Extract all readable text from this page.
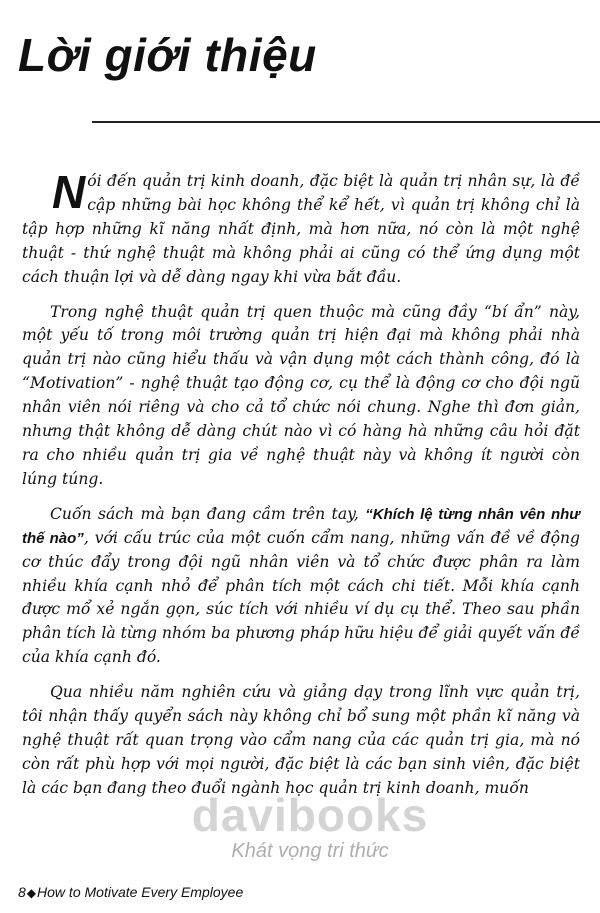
Lời giới thiệu

Nói đến quản trị kinh doanh, đặc biệt là quản trị nhân sự, là đề cập những bài học không thể kể hết, vì quản trị không chỉ là tập hợp những kĩ năng nhất định, mà hơn nữa, nó còn là một nghệ thuật - thứ nghệ thuật mà không phải ai cũng có thể ứng dụng một cách thuận lợi và dễ dàng ngay khi vừa bắt đầu.

Trong nghệ thuật quản trị quen thuộc mà cũng đầy “bí ẩn” này, một yếu tố trong môi trường quản trị hiện đại mà không phải nhà quản trị nào cũng hiểu thấu và vận dụng một cách thành công, đó là “Motivation” - nghệ thuật tạo động cơ, cụ thể là động cơ cho đội ngũ nhân viên nói riêng và cho cả tổ chức nói chung. Nghe thì đơn giản, nhưng thật không dễ dàng chút nào vì có hàng hà những câu hỏi đặt ra cho nhiều quản trị gia về nghệ thuật này và không ít người còn lúng túng.

Cuốn sách mà bạn đang cầm trên tay, “Khích lệ từng nhân vên như thế nào”, với cấu trúc của một cuốn cẩm nang, những vấn đề về động cơ thúc đẩy trong đội ngũ nhân viên và tổ chức được phân ra làm nhiều khía cạnh nhỏ để phân tích một cách chi tiết. Mỗi khía cạnh được mổ xẻ ngắn gọn, súc tích với nhiều ví dụ cụ thể. Theo sau phần phân tích là từng nhóm ba phương pháp hữu hiệu để giải quyết vấn đề của khía cạnh đó.

Qua nhiều năm nghiên cứu và giảng dạy trong lĩnh vực quản trị, tôi nhận thấy quyển sách này không chỉ bổ sung một phần kĩ năng và nghệ thuật rất quan trọng vào cẩm nang của các quản trị gia, mà nó còn rất phù hợp với mọi người, đặc biệt là các bạn sinh viên, đặc biệt là các bạn đang theo đuổi ngành học quản trị kinh doanh, muốn

davibooks
Khát vọng tri thức
8◆How to Motivate Every Employee
